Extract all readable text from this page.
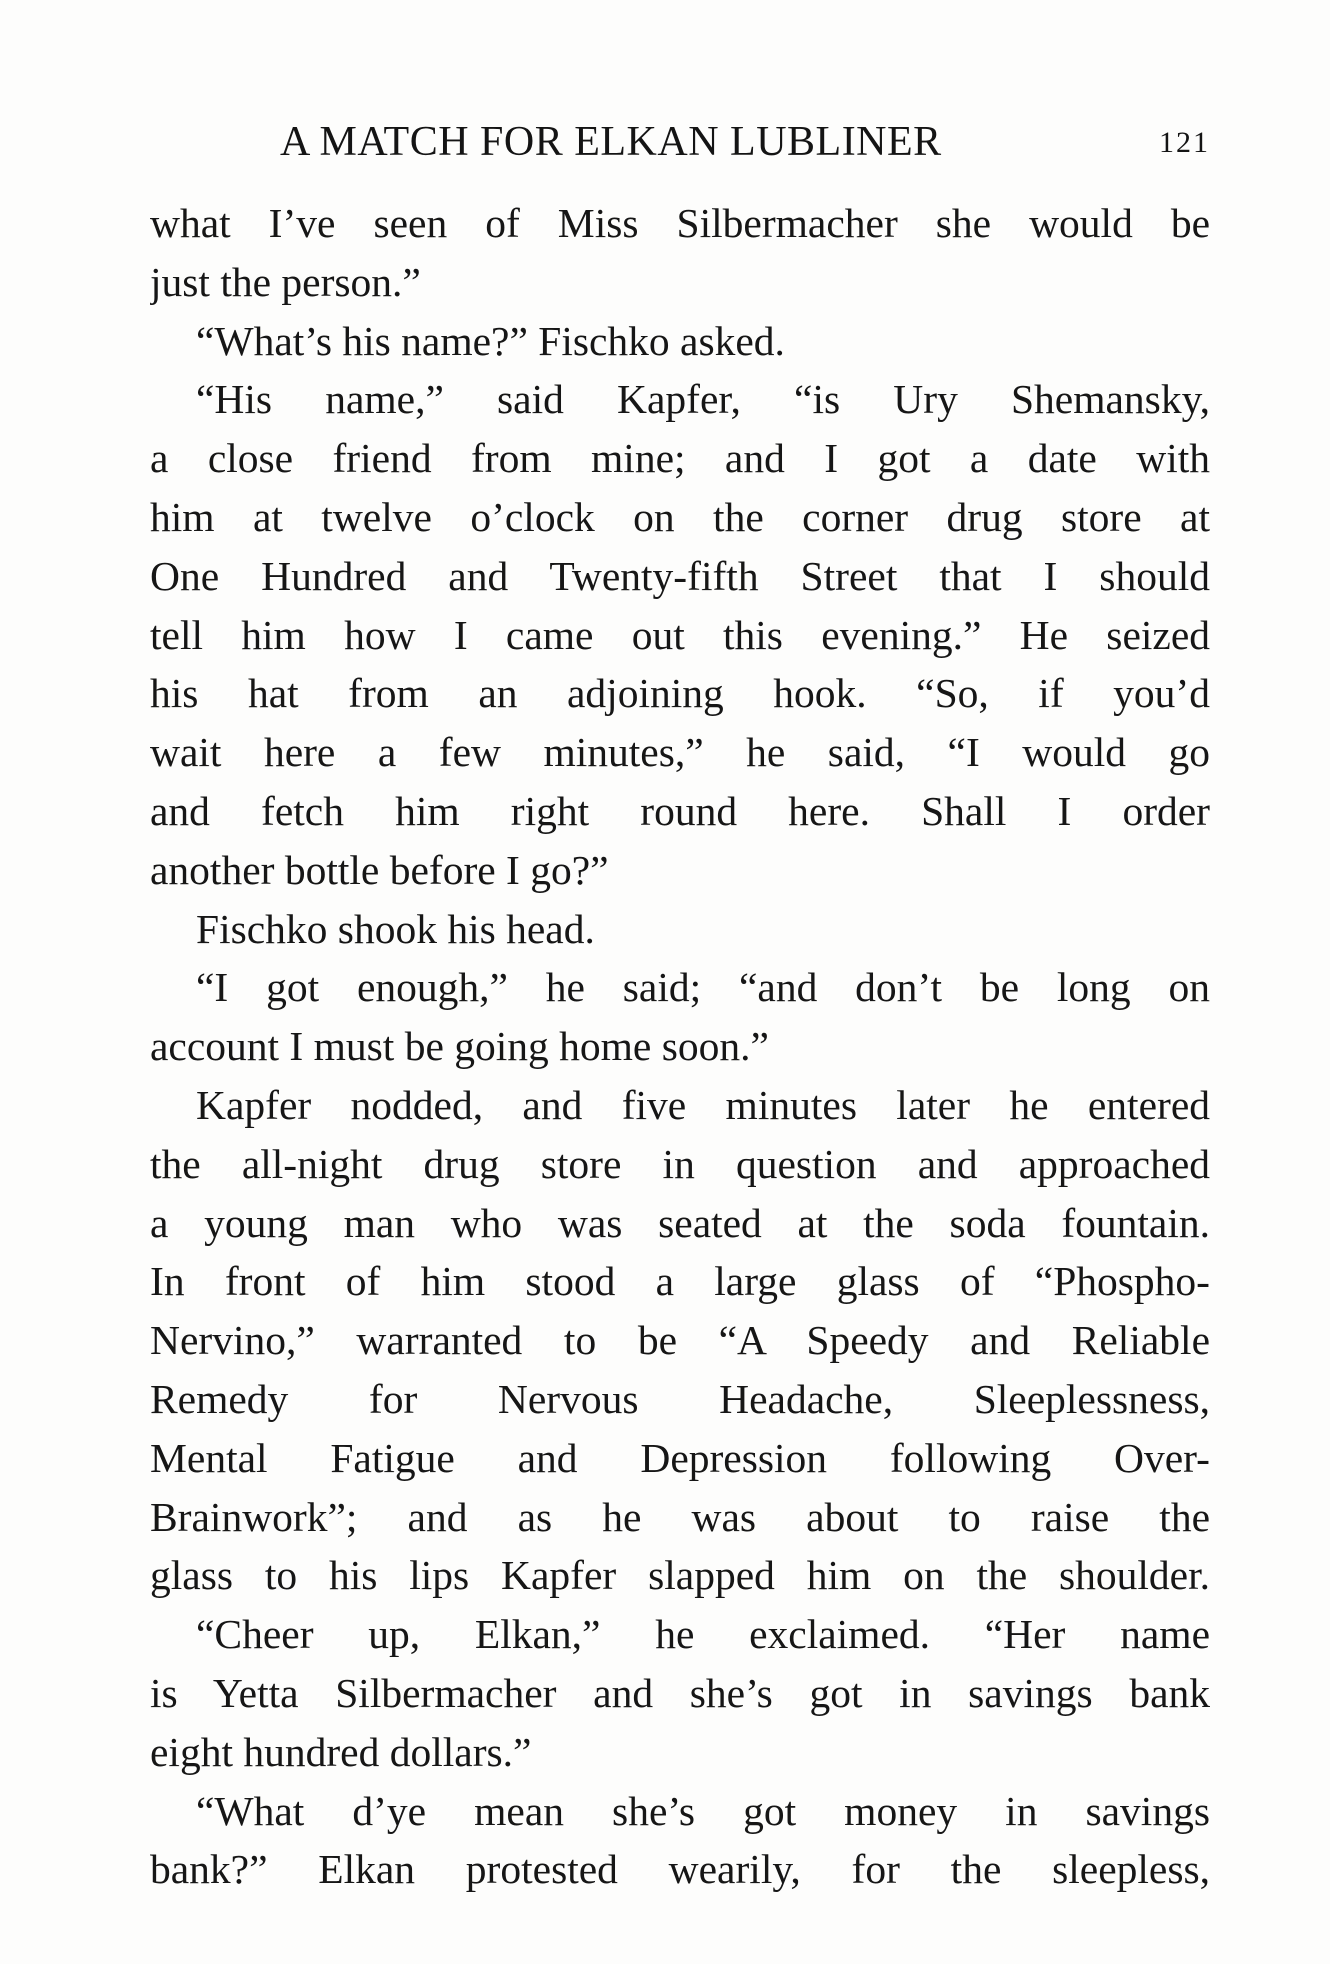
A MATCH FOR ELKAN LUBLINER	121
what I’ve seen of Miss Silbermacher she would be
just the person.”
“What’s his name?” Fischko asked.
“His name,” said Kapfer, “is Ury Shemansky,
a close friend from mine; and I got a date with
him at twelve o’clock on the corner drug store at
One Hundred and Twenty-fifth Street that I should
tell him how I came out this evening.” He seized
his hat from an adjoining hook. “So, if you’d
wait here a few minutes,” he said, “I would go
and fetch him right round here. Shall I order
another bottle before I go?”
Fischko shook his head.
“I got enough,” he said; “and don’t be long on
account I must be going home soon.”
Kapfer nodded, and five minutes later he entered
the all-night drug store in question and approached
a young man who was seated at the soda fountain.
In front of him stood a large glass of “Phospho-
Nervino,” warranted to be “A Speedy and Reliable
Remedy for Nervous Headache, Sleeplessness,
Mental Fatigue and Depression following Over-
Brainwork”; and as he was about to raise the
glass to his lips Kapfer slapped him on the shoulder.
“Cheer up, Elkan,” he exclaimed. “Her name
is Yetta Silbermacher and she’s got in savings bank
eight hundred dollars.”
“What d’ye mean she’s got money in savings
bank?” Elkan protested wearily, for the sleepless,
